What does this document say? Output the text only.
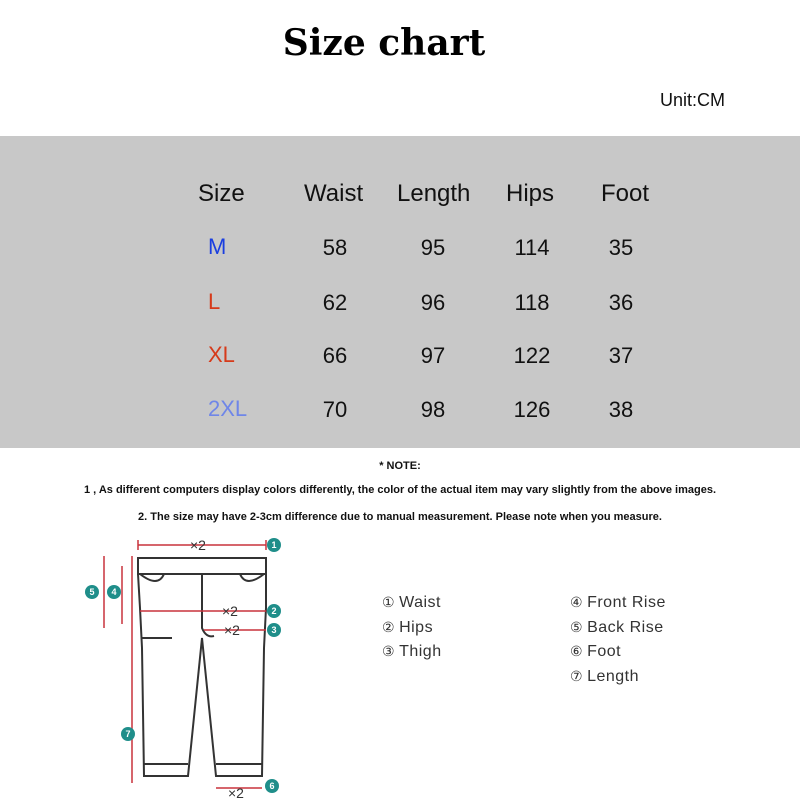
Size chart
Unit:CM
Size Waist Length Hips Foot
M	58	95	114	35
L	62	96	118	36
XL	66	97	122	37
2XL	70	98	126	38
* NOTE:
1 , As different computers display colors differently, the color of the actual item may vary slightly from the above images.
2. The size may have 2-3cm difference due to manual measurement. Please note when you measure.
×2
×2
×2
×2
1
2
3
4
5
6
7
① Waist
② Hips
③ Thigh
④ Front Rise
⑤ Back Rise
⑥ Foot
⑦ Length
